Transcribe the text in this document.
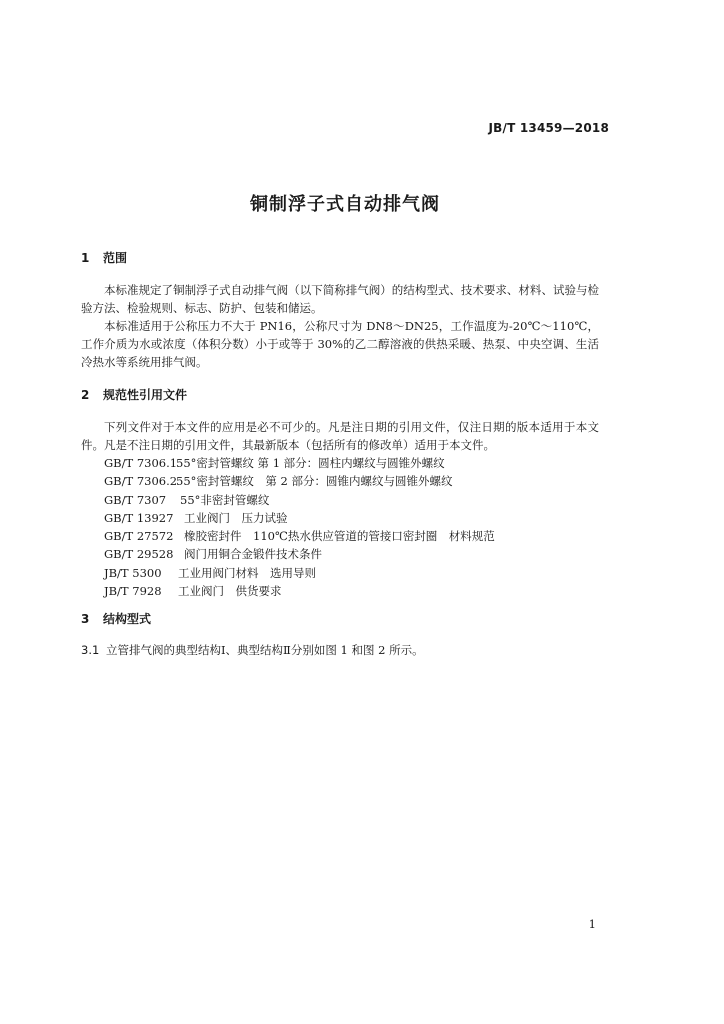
JB/T 13459—2018
铜制浮子式自动排气阀
1 范围

本标准规定了铜制浮子式自动排气阀（以下简称排气阀）的结构型式、技术要求、材料、试验与检验方法、检验规则、标志、防护、包装和储运。

本标准适用于公称压力不大于 PN16，公称尺寸为 DN8～DN25，工作温度为-20℃～110℃，工作介质为水或浓度（体积分数）小于或等于 30%的乙二醇溶液的供热采暖、热泵、中央空调、生活冷热水等系统用排气阀。

2 规范性引用文件

下列文件对于本文件的应用是必不可少的。凡是注日期的引用文件，仅注日期的版本适用于本文件。凡是不注日期的引用文件，其最新版本（包括所有的修改单）适用于本文件。

GB/T 7306.155°密封管螺纹 第 1 部分：圆柱内螺纹与圆锥外螺纹
GB/T 7306.255°密封管螺纹　第 2 部分：圆锥内螺纹与圆锥外螺纹
GB/T 7307 55°非密封管螺纹
GB/T 13927 工业阀门　压力试验
GB/T 27572 橡胶密封件　110℃热水供应管道的管接口密封圈　材料规范
GB/T 29528 阀门用铜合金锻件技术条件
JB/T 5300 工业用阀门材料　选用导则
JB/T 7928 工业阀门　供货要求
3 结构型式
3.1 立管排气阀的典型结构Ⅰ、典型结构Ⅱ分别如图 1 和图 2 所示。
1
